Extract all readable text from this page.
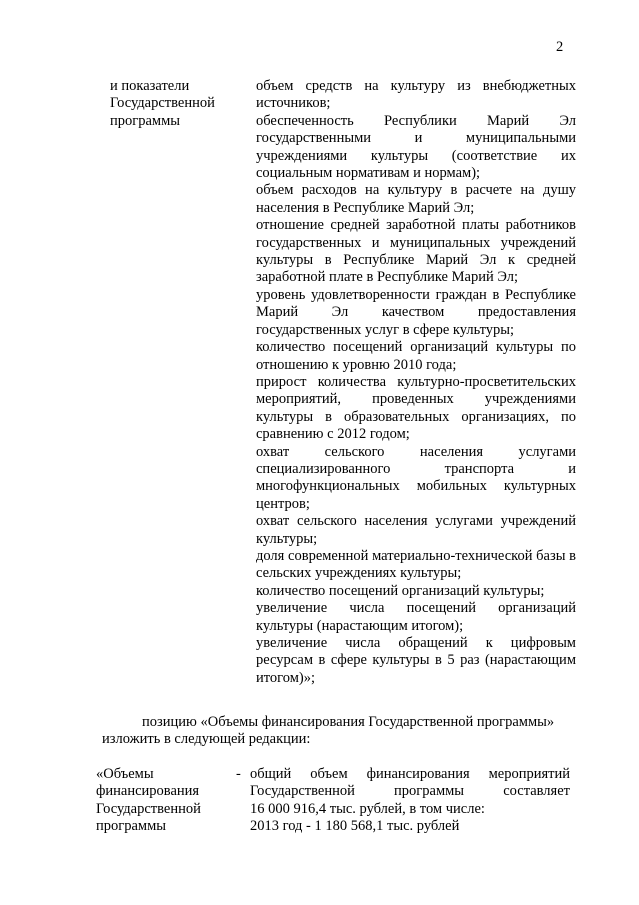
2
и показатели
Государственной
программы
объем средств на культуру из внебюджетных источников;
обеспеченность Республики Марий Эл государственными и муниципальными учреждениями культуры (соответствие их социальным нормативам и нормам);
объем расходов на культуру в расчете на душу населения в Республике Марий Эл;
отношение средней заработной платы работников государственных и муниципальных учреждений культуры в Республике Марий Эл к средней заработной плате в Республике Марий Эл;
уровень удовлетворенности граждан в Республике Марий Эл качеством предоставления государственных услуг в сфере культуры;
количество посещений организаций культуры по отношению к уровню 2010 года;
прирост количества культурно-просветительских мероприятий, проведенных учреждениями культуры в образовательных организациях, по сравнению с 2012 годом;
охват сельского населения услугами специализированного транспорта и многофункциональных мобильных культурных центров;
охват сельского населения услугами учреждений культуры;
доля современной материально-технической базы в сельских учреждениях культуры;
количество посещений организаций культуры;
увеличение числа посещений организаций культуры (нарастающим итогом);
увеличение числа обращений к цифровым ресурсам в сфере культуры в 5 раз (нарастающим итогом)»;
позицию «Объемы финансирования Государственной программы»
изложить в следующей редакции:
«Объемы
финансирования
Государственной
программы
- общий объем финансирования мероприятий
Государственной программы составляет
16 000 916,4 тыс. рублей, в том числе:
2013 год - 1 180 568,1 тыс. рублей
